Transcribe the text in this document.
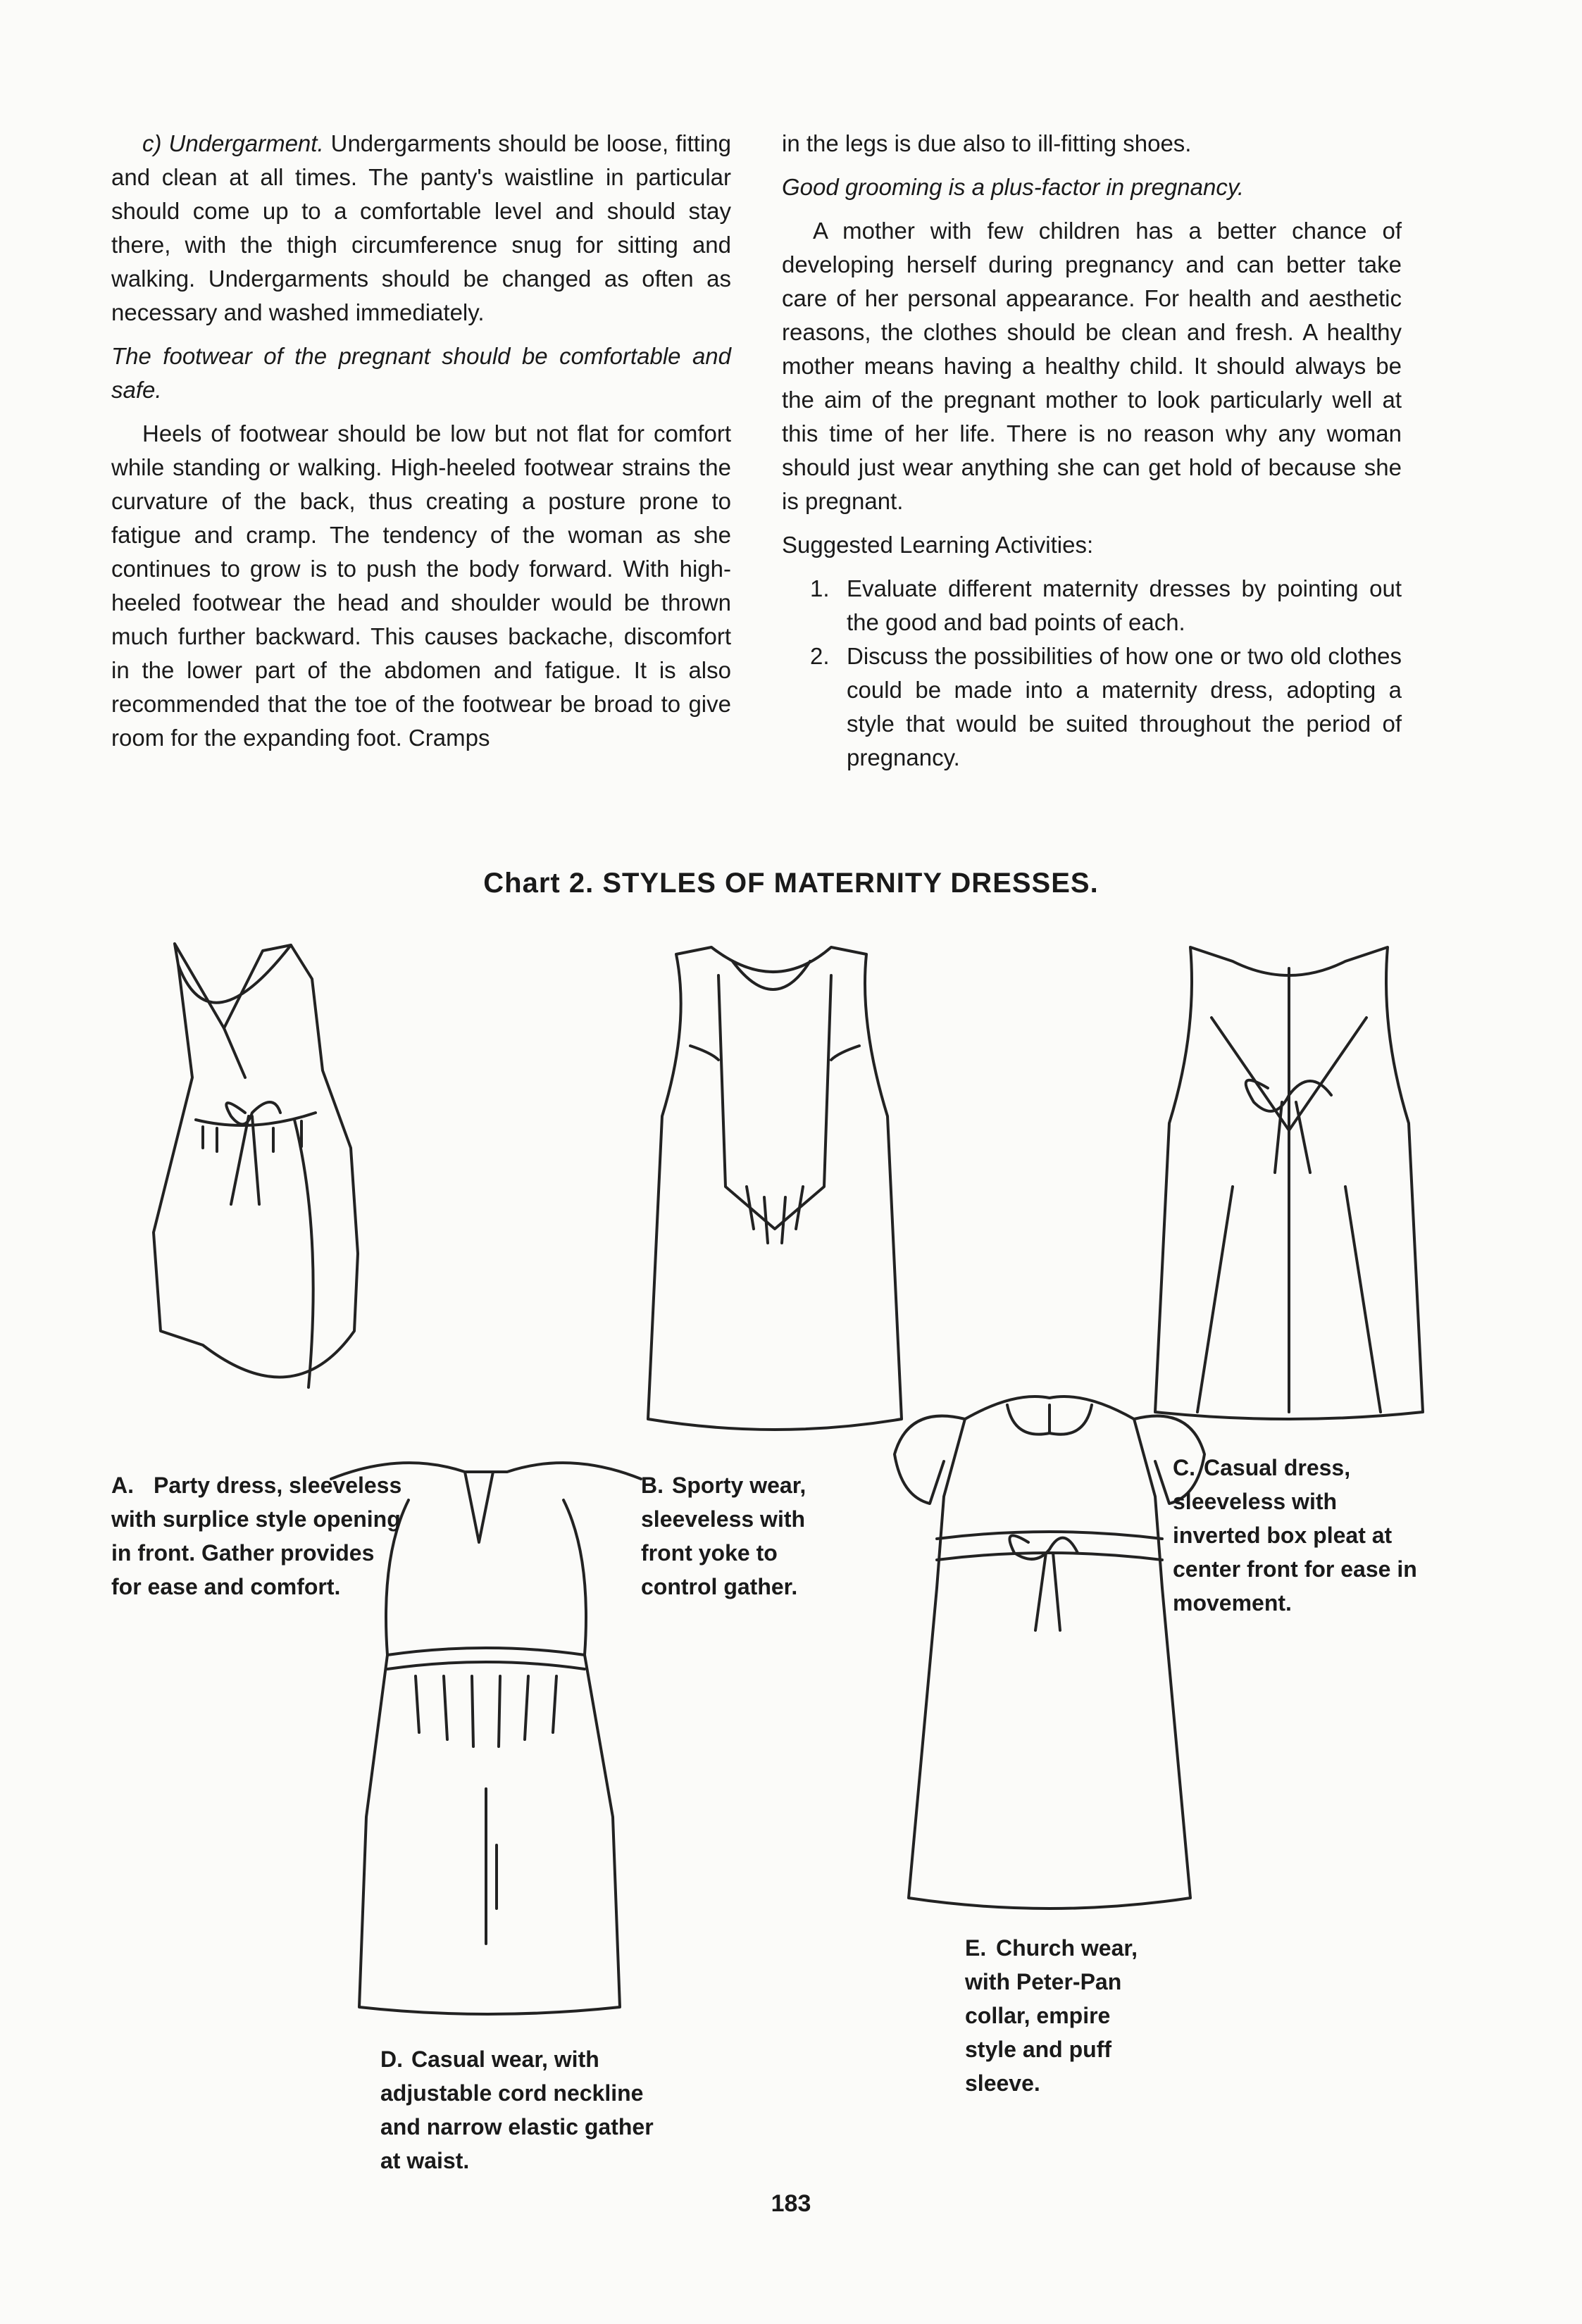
c) Undergarment. Undergarments should be loose, fitting and clean at all times. The panty's waistline in particular should come up to a comfortable level and should stay there, with the thigh circumference snug for sitting and walking. Undergarments should be changed as often as necessary and washed immediately.

The footwear of the pregnant should be comfortable and safe.

Heels of footwear should be low but not flat for comfort while standing or walking. High-heeled footwear strains the curvature of the back, thus creating a posture prone to fatigue and cramp. The tendency of the woman as she continues to grow is to push the body forward. With high-heeled footwear the head and shoulder would be thrown much further backward. This causes backache, discomfort in the lower part of the abdomen and fatigue. It is also recommended that the toe of the footwear be broad to give room for the expanding foot. Cramps

in the legs is due also to ill-fitting shoes.

Good grooming is a plus-factor in pregnancy.

A mother with few children has a better chance of developing herself during pregnancy and can better take care of her personal appearance. For health and aesthetic reasons, the clothes should be clean and fresh. A healthy mother means having a healthy child. It should always be the aim of the pregnant mother to look particularly well at this time of her life. There is no reason why any woman should just wear anything she can get hold of because she is pregnant.

Suggested Learning Activities:

1. Evaluate different maternity dresses by pointing out the good and bad points of each.
2. Discuss the possibilities of how one or two old clothes could be made into a maternity dress, adopting a style that would be suited throughout the period of pregnancy.
Chart 2. STYLES OF MATERNITY DRESSES.
A. Party dress, sleeveless with surplice style opening in front. Gather provides for ease and comfort.
B. Sporty wear, sleeveless with front yoke to control gather.
C. Casual dress, sleeveless with inverted box pleat at center front for ease in movement.
D. Casual wear, with adjustable cord neckline and narrow elastic gather at waist.
E. Church wear, with Peter-Pan collar, empire style and puff sleeve.
183
